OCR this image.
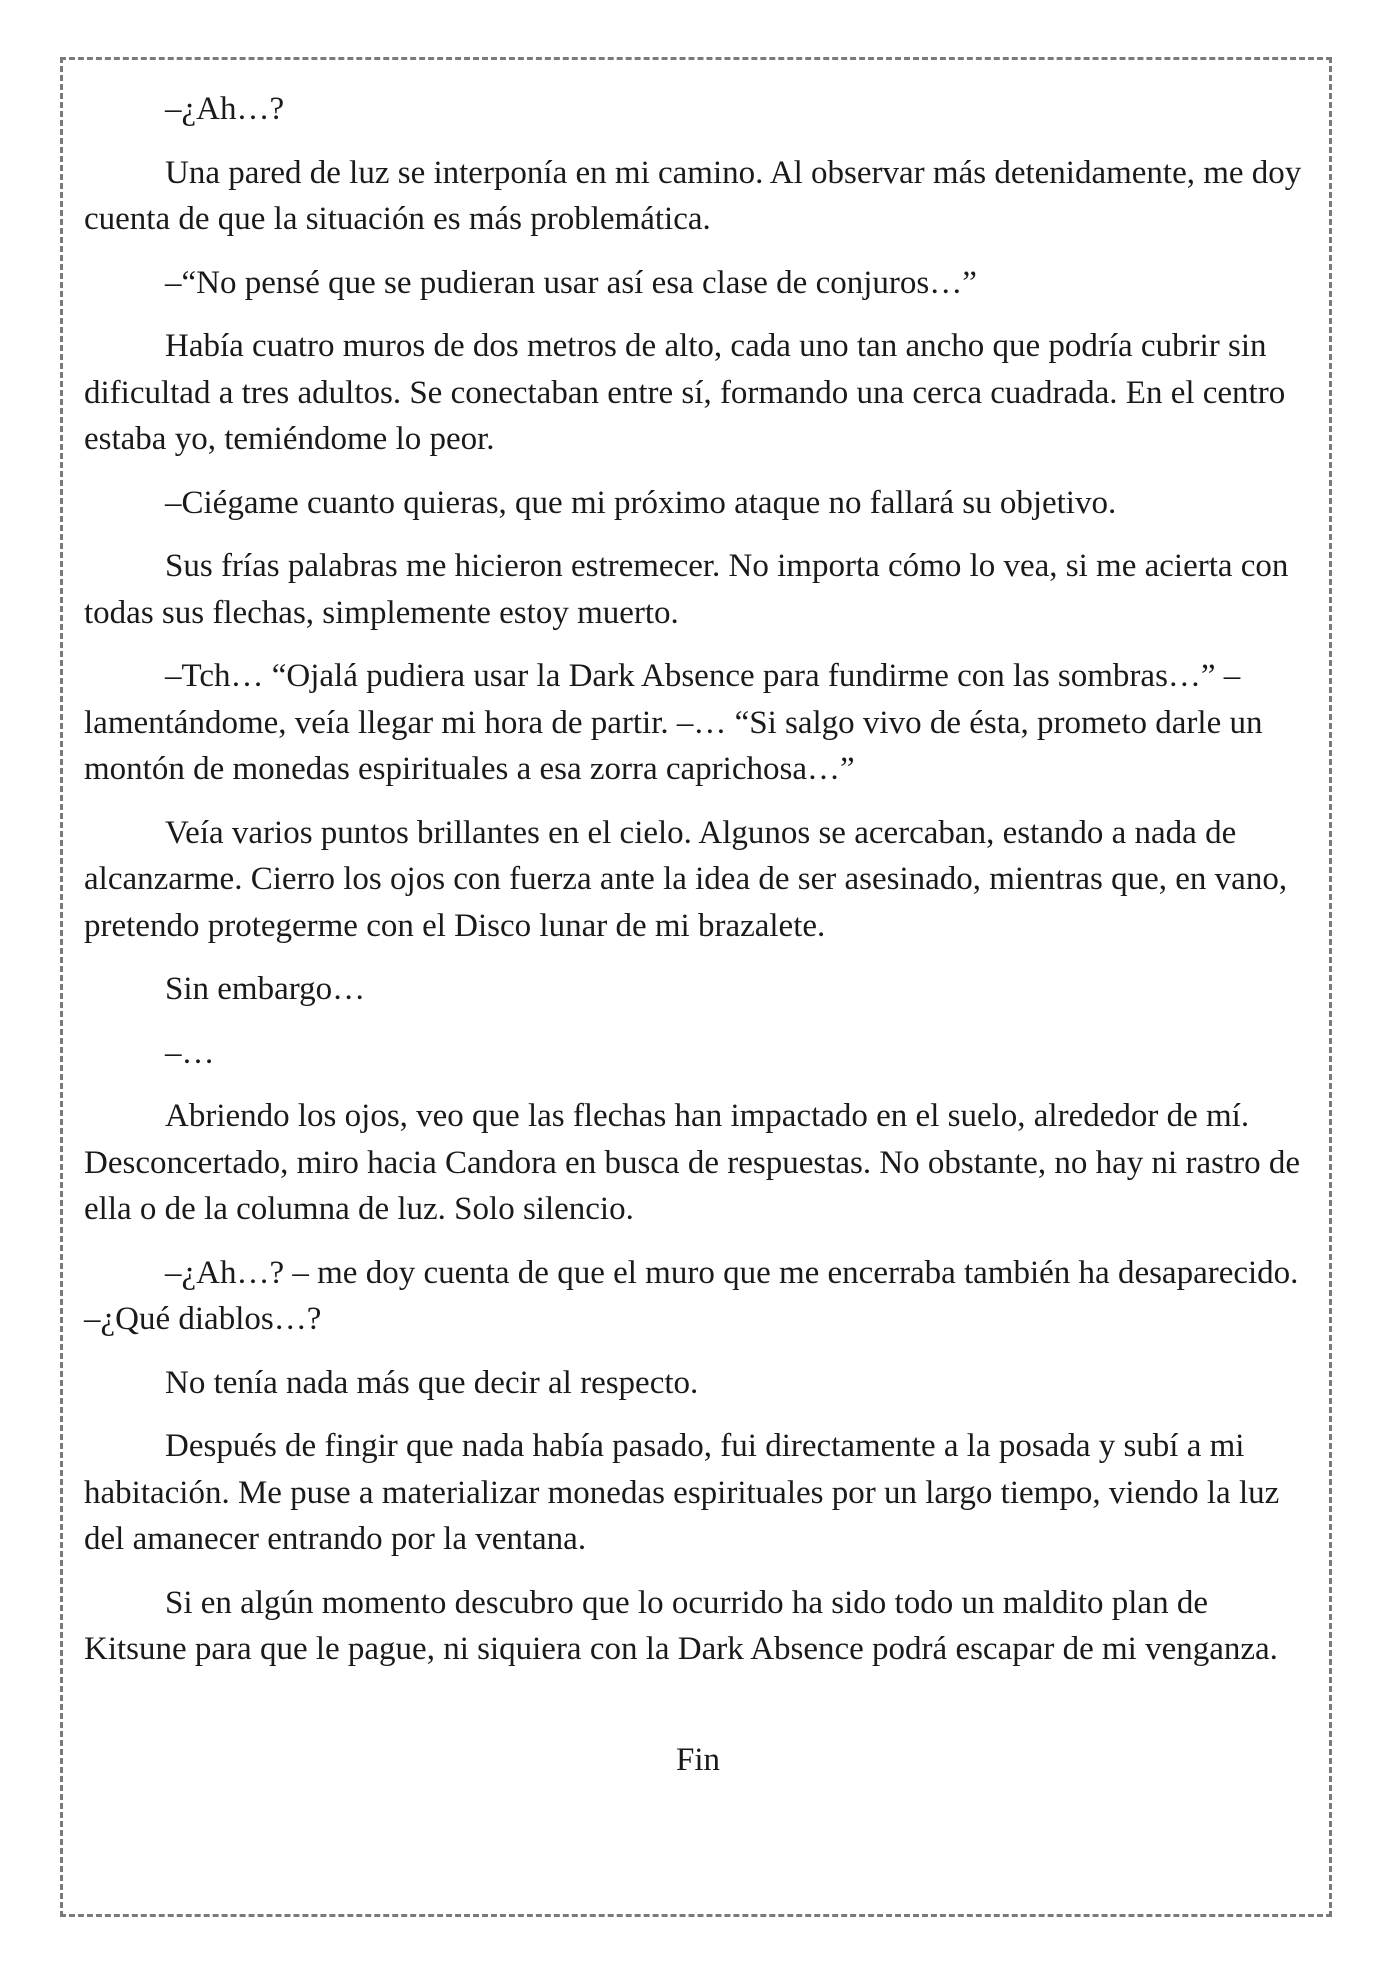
–¿Ah…?

Una pared de luz se interponía en mi camino. Al observar más detenidamente, me doy cuenta de que la situación es más problemática.

–“No pensé que se pudieran usar así esa clase de conjuros…”

Había cuatro muros de dos metros de alto, cada uno tan ancho que podría cubrir sin dificultad a tres adultos. Se conectaban entre sí, formando una cerca cuadrada. En el centro estaba yo, temiéndome lo peor.

–Ciégame cuanto quieras, que mi próximo ataque no fallará su objetivo.

Sus frías palabras me hicieron estremecer. No importa cómo lo vea, si me acierta con todas sus flechas, simplemente estoy muerto.

–Tch… “Ojalá pudiera usar la Dark Absence para fundirme con las sombras…” – lamentándome, veía llegar mi hora de partir. –… “Si salgo vivo de ésta, prometo darle un montón de monedas espirituales a esa zorra caprichosa…”

Veía varios puntos brillantes en el cielo. Algunos se acercaban, estando a nada de alcanzarme. Cierro los ojos con fuerza ante la idea de ser asesinado, mientras que, en vano, pretendo protegerme con el Disco lunar de mi brazalete.

Sin embargo…

–…

Abriendo los ojos, veo que las flechas han impactado en el suelo, alrededor de mí. Desconcertado, miro hacia Candora en busca de respuestas. No obstante, no hay ni rastro de ella o de la columna de luz. Solo silencio.

–¿Ah…? – me doy cuenta de que el muro que me encerraba también ha desaparecido. –¿Qué diablos…?

No tenía nada más que decir al respecto.

Después de fingir que nada había pasado, fui directamente a la posada y subí a mi habitación. Me puse a materializar monedas espirituales por un largo tiempo, viendo la luz del amanecer entrando por la ventana.

Si en algún momento descubro que lo ocurrido ha sido todo un maldito plan de Kitsune para que le pague, ni siquiera con la Dark Absence podrá escapar de mi venganza.

Fin
